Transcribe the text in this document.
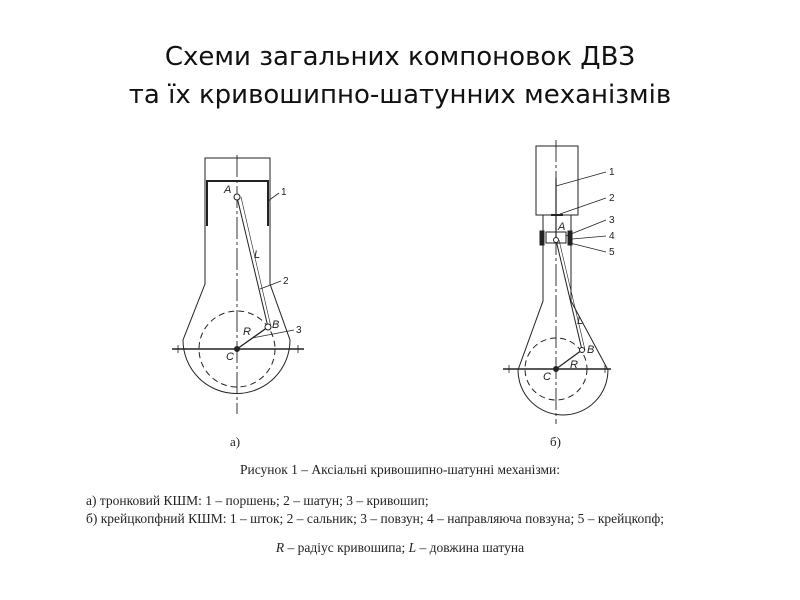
Схеми загальних компоновок ДВЗ
та їх кривошипно-шатунних механізмів
A
L
R
B
C
1
2
3
A
L
R
B
C
1
2
3
4
5
а)	б)
Рисунок 1 – Аксіальні кривошипно-шатунні механізми:
а) тронковий КШМ: 1 – поршень; 2 – шатун; 3 – кривошип;
б) крейцкопфний КШМ: 1 – шток; 2 – сальник; 3 – повзун; 4 – направляюча повзуна; 5 – крейцкопф;
R – радіус кривошипа; L – довжина шатуна
